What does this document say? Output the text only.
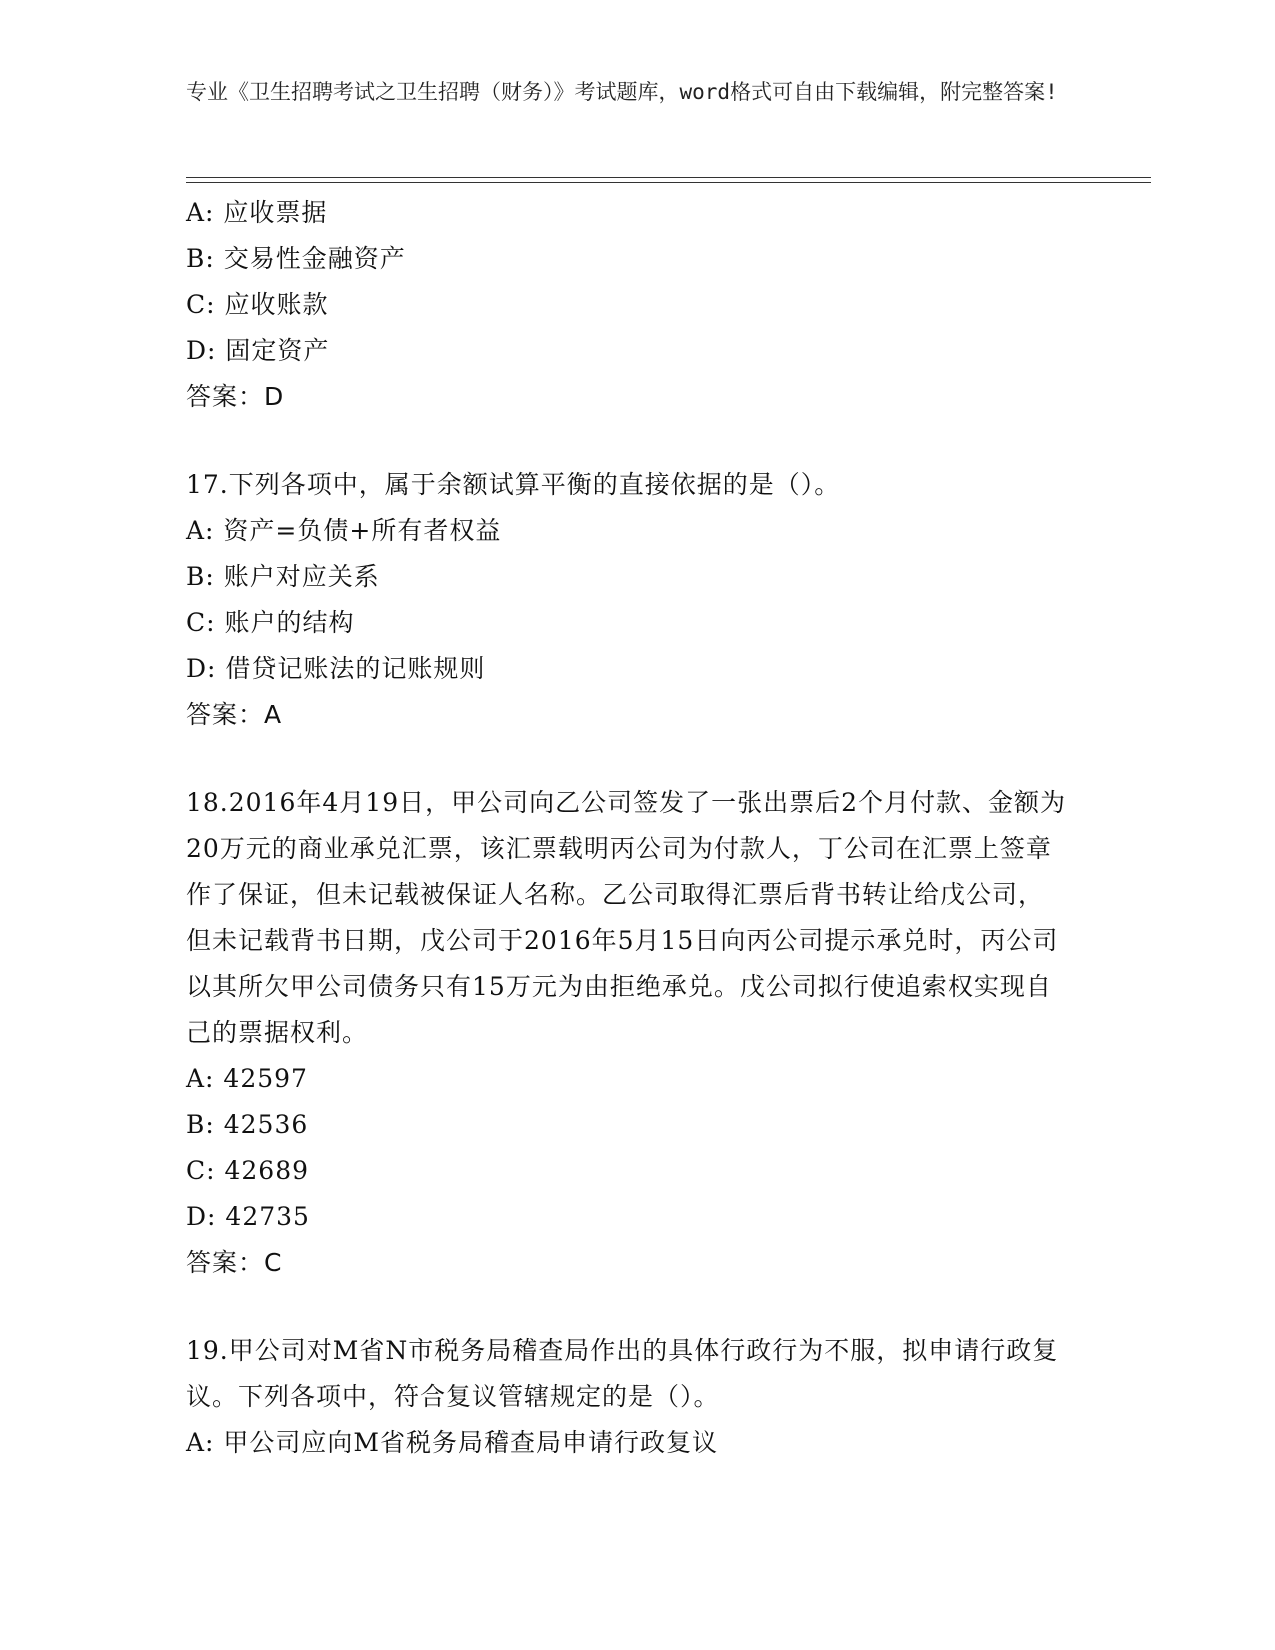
专业《卫生招聘考试之卫生招聘（财务）》考试题库，word格式可自由下载编辑，附完整答案!
A: 应收票据
B: 交易性金融资产
C: 应收账款
D: 固定资产
答案：D
17.下列各项中，属于余额试算平衡的直接依据的是（）。
A: 资产=负债+所有者权益
B: 账户对应关系
C: 账户的结构
D: 借贷记账法的记账规则
答案：A
18.2016年4月19日，甲公司向乙公司签发了一张出票后2个月付款、金额为20万元的商业承兑汇票，该汇票载明丙公司为付款人，丁公司在汇票上签章作了保证，但未记载被保证人名称。乙公司取得汇票后背书转让给戊公司，但未记载背书日期，戊公司于2016年5月15日向丙公司提示承兑时，丙公司以其所欠甲公司债务只有15万元为由拒绝承兑。戊公司拟行使追索权实现自己的票据权利。
A: 42597
B: 42536
C: 42689
D: 42735
答案：C
19.甲公司对M省N市税务局稽查局作出的具体行政行为不服，拟申请行政复议。下列各项中，符合复议管辖规定的是（）。
A: 甲公司应向M省税务局稽查局申请行政复议
